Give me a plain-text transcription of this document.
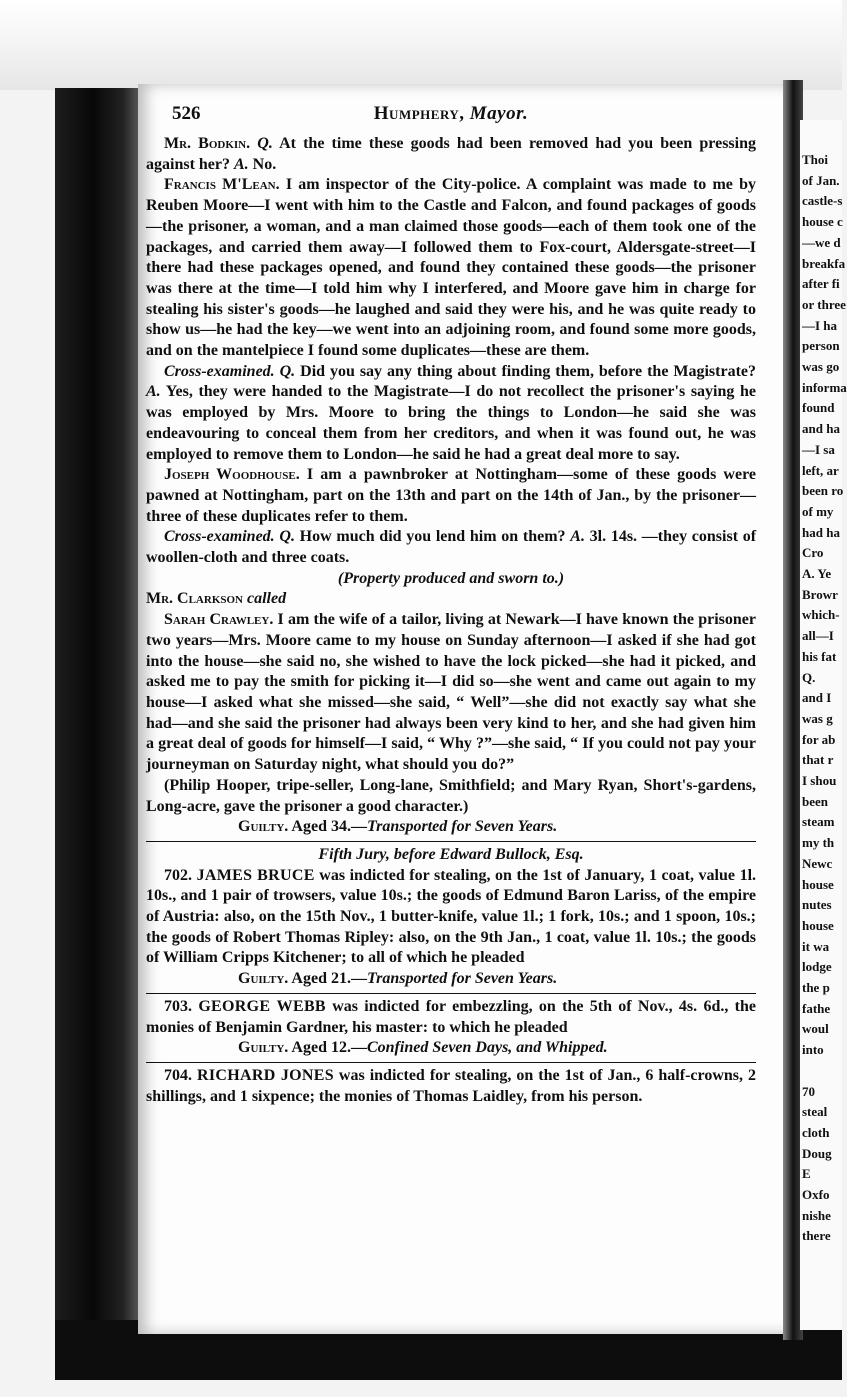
Thoi
of Jan.
castle-s
house c
—we d
breakfa
after fi
or three
—I ha
person
was go
informa
found
and ha
—I sa
left, ar
been ro
of my
had ha
Cro
A. Ye
Browr
which-
all—I
his fat
Q.
and I
was g
for ab
that r
I shou
been
steam
my th
Newc
house
nutes
house
it wa
lodge
the p
fathe
woul
into
70
steal
cloth
Doug
E
Oxfo
nishe
there
526	Humphery, Mayor.

Mr. Bodkin. Q. At the time these goods had been removed had you been pressing against her? A. No.

Francis M'Lean. I am inspector of the City-police. A complaint was made to me by Reuben Moore—I went with him to the Castle and Falcon, and found packages of goods—the prisoner, a woman, and a man claimed those goods—each of them took one of the packages, and carried them away—I followed them to Fox-court, Aldersgate-street—I there had these packages opened, and found they contained these goods—the prisoner was there at the time—I told him why I interfered, and Moore gave him in charge for stealing his sister's goods—he laughed and said they were his, and he was quite ready to show us—he had the key—we went into an adjoining room, and found some more goods, and on the mantelpiece I found some duplicates—these are them.

Cross-examined. Q. Did you say any thing about finding them, before the Magistrate? A. Yes, they were handed to the Magistrate—I do not recollect the prisoner's saying he was employed by Mrs. Moore to bring the things to London—he said she was endeavouring to conceal them from her creditors, and when it was found out, he was employed to remove them to London—he said he had a great deal more to say.

Joseph Woodhouse. I am a pawnbroker at Nottingham—some of these goods were pawned at Nottingham, part on the 13th and part on the 14th of Jan., by the prisoner—three of these duplicates refer to them.

Cross-examined. Q. How much did you lend him on them? A. 3l. 14s. —they consist of woollen-cloth and three coats.

(Property produced and sworn to.)

Mr. Clarkson called

Sarah Crawley. I am the wife of a tailor, living at Newark—I have known the prisoner two years—Mrs. Moore came to my house on Sunday afternoon—I asked if she had got into the house—she said no, she wished to have the lock picked—she had it picked, and asked me to pay the smith for picking it—I did so—she went and came out again to my house—I asked what she missed—she said, “ Well”—she did not exactly say what she had—and she said the prisoner had always been very kind to her, and she had given him a great deal of goods for himself—I said, “ Why ?”—she said, “ If you could not pay your journeyman on Saturday night, what should you do?”

(Philip Hooper, tripe-seller, Long-lane, Smithfield; and Mary Ryan, Short's-gardens, Long-acre, gave the prisoner a good character.)

Guilty. Aged 34.—Transported for Seven Years.

Fifth Jury, before Edward Bullock, Esq.

702. JAMES BRUCE was indicted for stealing, on the 1st of January, 1 coat, value 1l. 10s., and 1 pair of trowsers, value 10s.; the goods of Edmund Baron Lariss, of the empire of Austria: also, on the 15th Nov., 1 butter-knife, value 1l.; 1 fork, 10s.; and 1 spoon, 10s.; the goods of Robert Thomas Ripley: also, on the 9th Jan., 1 coat, value 1l. 10s.; the goods of William Cripps Kitchener; to all of which he pleaded

Guilty. Aged 21.—Transported for Seven Years.

703. GEORGE WEBB was indicted for embezzling, on the 5th of Nov., 4s. 6d., the monies of Benjamin Gardner, his master: to which he pleaded

Guilty. Aged 12.—Confined Seven Days, and Whipped.

704. RICHARD JONES was indicted for stealing, on the 1st of Jan., 6 half-crowns, 2 shillings, and 1 sixpence; the monies of Thomas Laidley, from his person.
